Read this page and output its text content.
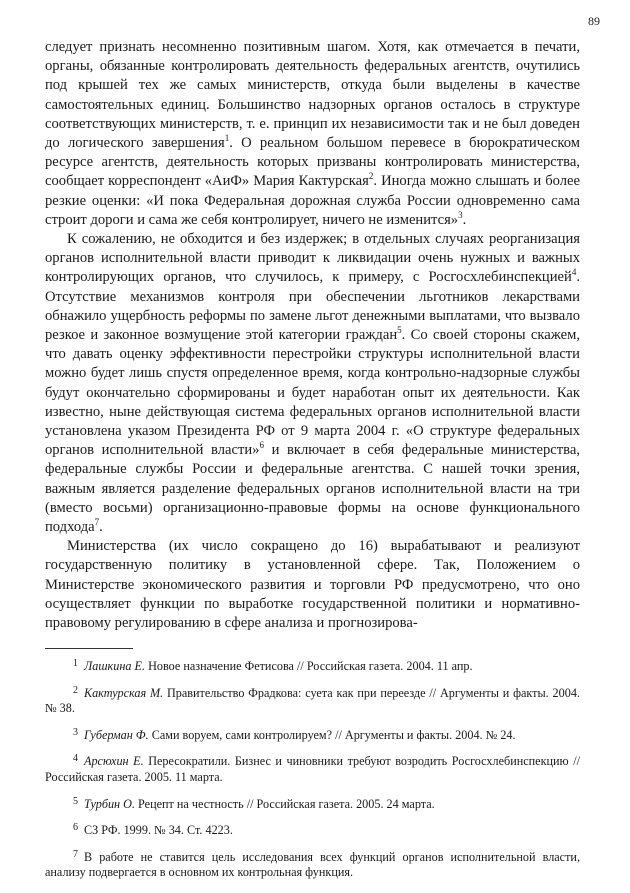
89

следует признать несомненно позитивным шагом. Хотя, как отмечается в печати, органы, обязанные контролировать деятельность федеральных агентств, очутились под крышей тех же самых министерств, откуда были выделены в качестве самостоятельных единиц. Большинство надзорных органов осталось в структуре соответствующих министерств, т. е. принцип их независимости так и не был доведен до логического завершения$^1$. О реальном большом перевесе в бюрократическом ресурсе агентств, деятельность которых призваны контролировать министерства, сообщает корреспондент «АиФ» Мария Кактурская$^2$. Иногда можно слышать и более резкие оценки: «И пока Федеральная дорожная служба России одновременно сама строит дороги и сама же себя контролирует, ничего не изменится»$^3$.

К сожалению, не обходится и без издержек; в отдельных случаях реорганизация органов исполнительной власти приводит к ликвидации очень нужных и важных контролирующих органов, что случилось, к примеру, с Росгосхлебинспекцией$^4$. Отсутствие механизмов контроля при обеспечении льготников лекарствами обнажило ущербность реформы по замене льгот денежными выплатами, что вызвало резкое и законное возмущение этой категории граждан$^5$. Со своей стороны скажем, что давать оценку эффективности перестройки структуры исполнительной власти можно будет лишь спустя определенное время, когда контрольно-надзорные службы будут окончательно сформированы и будет наработан опыт их деятельности. Как известно, ныне действующая система федеральных органов исполнительной власти установлена указом Президента РФ от 9 марта 2004 г. «О структуре федеральных органов исполнительной власти»$^6$ и включает в себя федеральные министерства, федеральные службы России и федеральные агентства. С нашей точки зрения, важным является разделение федеральных органов исполнительной власти на три (вместо восьми) организационно-правовые формы на основе функционального подхода$^7$.

Министерства (их число сокращено до 16) вырабатывают и реализуют государственную политику в установленной сфере. Так, Положением о Министерстве экономического развития и торговли РФ предусмотрено, что оно осуществляет функции по выработке государственной политики и нормативно-правовому регулированию в сфере анализа и прогнозирова-

$^1$ Лашкина Е. Новое назначение Фетисова // Российская газета. 2004. 11 апр.

$^2$ Кактурская М. Правительство Фрадкова: суета как при переезде // Аргументы и факты. 2004. № 38.

$^3$ Губерман Ф. Сами воруем, сами контролируем? // Аргументы и факты. 2004. № 24.

$^4$ Арсюхин Е. Пересократили. Бизнес и чиновники требуют возродить Росгосхлебинспекцию // Российская газета. 2005. 11 марта.

$^5$ Турбин О. Рецепт на честность // Российская газета. 2005. 24 марта.

$^6$ СЗ РФ. 1999. № 34. Ст. 4223.

$^7$ В работе не ставится цель исследования всех функций органов исполнительной власти, анализу подвергается в основном их контрольная функция.
